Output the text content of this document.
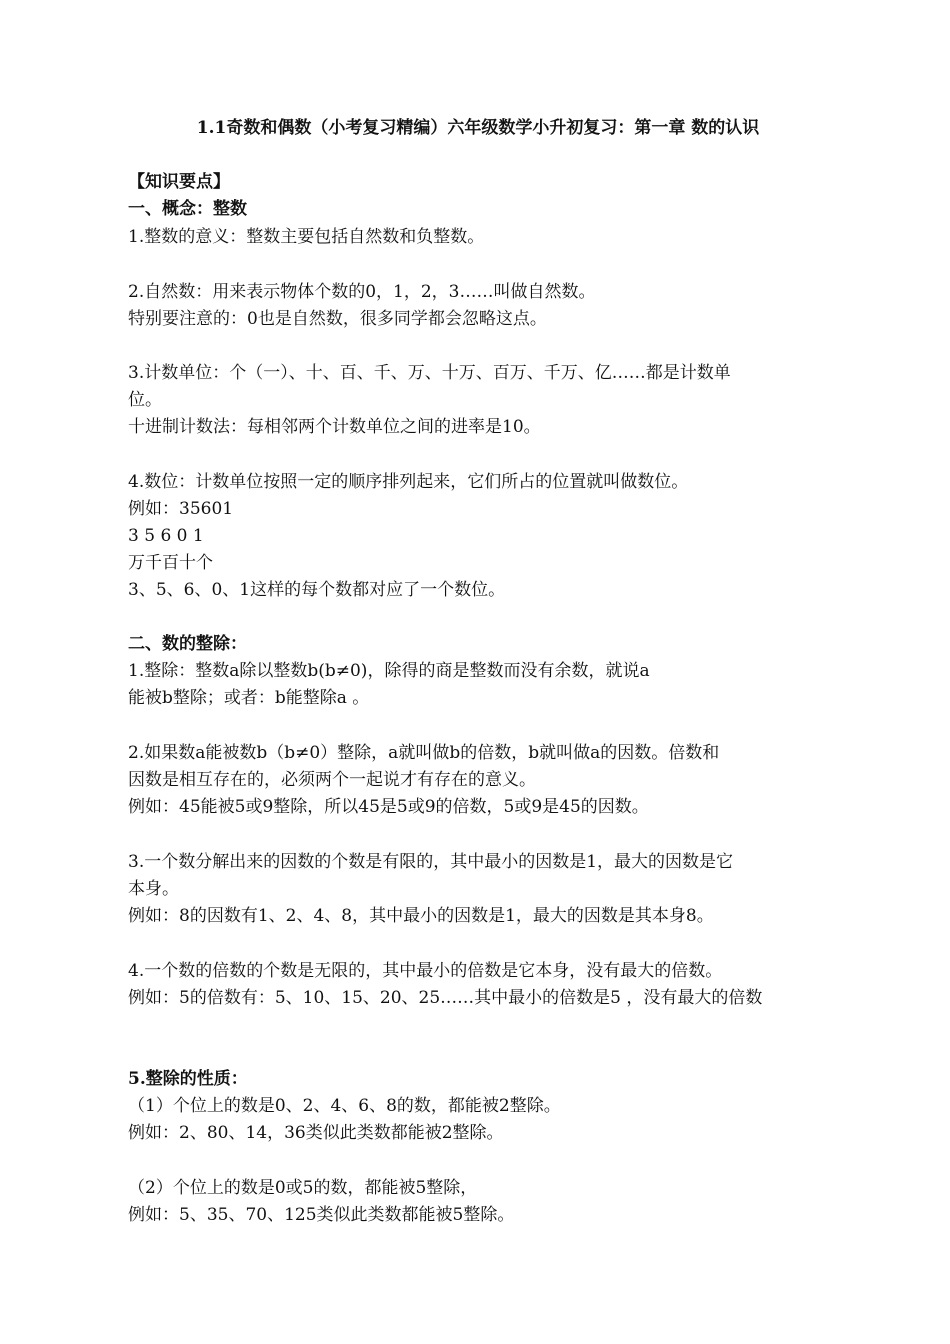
1.1奇数和偶数（小考复习精编）六年级数学小升初复习：第一章 数的认识
【知识要点】
一、概念：整数
1.整数的意义：整数主要包括自然数和负整数。
2.自然数：用来表示物体个数的0，1，2，3……叫做自然数。
特别要注意的：0也是自然数，很多同学都会忽略这点。
3.计数单位：个（一）、十、百、千、万、十万、百万、千万、亿……都是计数单
位。
十进制计数法：每相邻两个计数单位之间的进率是10。
4.数位：计数单位按照一定的顺序排列起来，它们所占的位置就叫做数位。
例如：35601
3 5 6 0 1
万千百十个
3、5、6、0、1这样的每个数都对应了一个数位。
二、数的整除：
1.整除：整数a除以整数b(b≠0)，除得的商是整数而没有余数，就说a
能被b整除；或者：b能整除a 。
2.如果数a能被数b（b≠0）整除，a就叫做b的倍数，b就叫做a的因数。倍数和
因数是相互存在的，必须两个一起说才有存在的意义。
例如：45能被5或9整除，所以45是5或9的倍数，5或9是45的因数。
3.一个数分解出来的因数的个数是有限的，其中最小的因数是1，最大的因数是它
本身。
例如：8的因数有1、2、4、8，其中最小的因数是1，最大的因数是其本身8。
4.一个数的倍数的个数是无限的，其中最小的倍数是它本身，没有最大的倍数。
例如：5的倍数有：5、10、15、20、25……其中最小的倍数是5 ，没有最大的倍数
5.整除的性质：
（1）个位上的数是0、2、4、6、8的数，都能被2整除。
例如：2、80、14，36类似此类数都能被2整除。
（2）个位上的数是0或5的数，都能被5整除，
例如：5、35、70、125类似此类数都能被5整除。
